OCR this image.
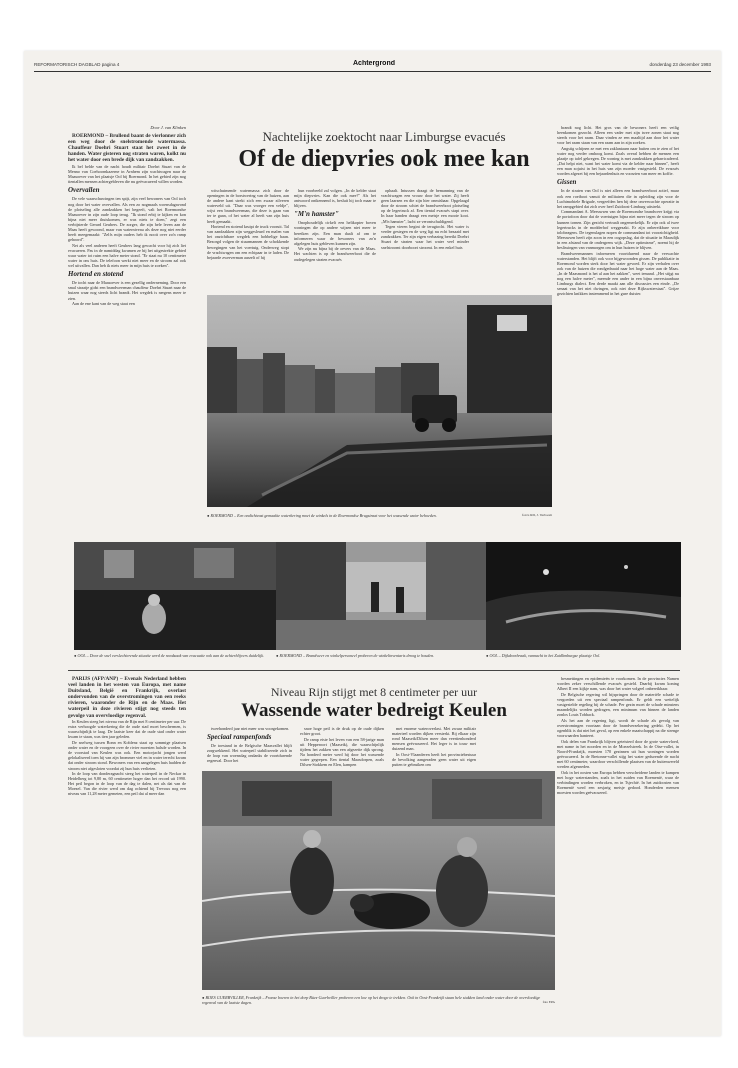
REFORMATORISCH DAGBLAD pagina 4	Achtergrond	donderdag 23 december 1993
Door J. van Klinken

ROERMOND – Brullend baant de vierlonner zich een weg door de snelstromende watermassa. Chauffeur Doehri Stuart staat het zweet in de handen. Water gisteren nog straten waren, kolkt nu het water door een brede dijk van zandzakken.

Ik bel belde van de nacht houdt militair Doehri Stuart van de Menno van Coehoornkazerne in Arnhem zijn wachtwagen naar de Maasoever van het plaatsje Ool bij Roermond. In het gebied zijn nog tientallen mensen achtergebleven die nu geëvacueerd willen worden.

Overvallen

De vele waarschuwingen ten spijt, zijn veel bewoners van Ool toch nog door het water overvallen. Als een zo nogmaals woensdagavond de plotseling alle zandzakken het begeeft, valt het Roermondse Maasoever in zijn oude loop terug. "Ik stond erbij te kijken en kon bijna niet meer thuiskomen, er was niets te doen," zegt een verbijsterde Gerard Geubers. De zorger, die zijn hele leven aan de Maas heeft gewoond, maar van waterniveau als deze nog niet eerder heeft meegemaakt: "Zelfs mijn ouders heb ik nooit over zo'n ramp gehoord".

Net als veel anderen heeft Geubers lang gewacht voor hij zich liet evacueren. Pas in de namiddag kwamen ze bij het uitgestrekte gebied waar water tot ruim een halve meter stond. "Er staat nu 10 centimeter water in ons huis. De telefoon werkt niet meer en de stroom zal ook wel uitvallen. Dan heb ik niets meer in mijn huis te zoeken".

Hortend en stotend

De tocht naar de Maasoever is een gezellig onderneming. Door een smal straatje gidst een brandweerman chauffeur Doehri Stuart naar de huizen waar nog steeds licht brandt. Het wegdek is nergens meer te zien.

Aan de ene kant van de weg staat een

Nachtelijke zoektocht naar Limburgse evacués
Of de diepvries ook mee kan

witschuimende watermassa zich door de openingen in de borstwering van de huizen, aan de andere kant strekt zich een zwaar zilveren waterveld uit. "Daar was vroeger een veldje", wijst een brandweerman, die deze is gaan van ter te gaan, of het water al heeft van zijn huis heeft gemaakt.

Hortend en stotend kruipt de truck vooruit. Tal van zandzakken zijn weggesleurd en malen van het onzichtbare wegdek een hobbelige baan. Bezorgd volgen de stuurmannen de schokkende bewegingen van het voertuig. Onderweg stopt de vrachtwagen om een echtpaar in te laden. De bejaarde zwerverman aarzelt of hij

hun voorbeeld zal volgen. „In de kelder staat mijn diepvries. Kan die ook mee?" Als het antwoord ontkennend is, besluit hij toch maar te blijven.

"M'n hamster"

Onophoudelijk cirkelt een helikopter boven woningen die op andere wijzen niet meer te bereiken zijn. Een man daalt af om te informeren waar de bewoners van zo'n afgelegen huis gebleven kunnen zijn.

We zijn nu bijna bij de oevers van de Maas. Het wachten is op de brandweerboot die de oudegelegen straten evacués

ophaalt. Intussen draagt de bemanning van de vrachtwagen een vrouw door het water. Zij heeft geen laarzen en die zijn hier onmisbaar. Opgelaagd door de stroom schiet de brandweerboot plotseling op de legertruck af. Een tiental evacués stapt over. In haar handen draagt een meisje een mooie kooi. „M'n hamster", lacht ze verontschuldigend.

Tegen vieren begint de terugtocht. Het water is verder gestegen en de weg ligt nu echt bezaaid met zandzakken. Ter zijn eigen verbazing bereikt Doehri Stuart de straten waar het water veel minder snelstroomt doorboort stroomt. In een enkel huis

brandt nog licht. Het gros van de bewoners heeft een veilig heenkomen gezocht. Alleen een vader met zijn twee zonen staat nog steeds voor het raam. Daar vinden ze een maaltijd aan door het water voor het raam staan van een raam aan in zijn zoeken.

Angstig schijnen ze met een zaklantaarn naar buiten om te zien of het water nog verder omhoog komt. Zoals overal hebben de mensen een plaatje op tafel gekregen. De woning is met zandzakken gebarricadeerd. „Dat helpt niet, want het water komt via de kelder naar binnen", heeft een man zojuist in het huis van zijn moeder vastgesteld. De evacués worden afgezet bij een bejaardenhuis en voorzien van meer en koffie.

Gissen

In de straten van Ool is niet alleen een brandweerboot actief, maar ook een roeiboot vanuit de militairen die in opleiding zijn voor de Luchtmobiele Brigade, vergeefden hen bij deze onverwachte operatie in het rampgebied dat zich over heel Zuidoost-Limburg uitstrekt.

Commandant A. Meeuwsen van de Roermondse brandweer krijgt via de portofoon door dat de voertuigen bijna niet meer tegen de stroom op kunnen tornen. Zijn gezicht vertraalt ongemerkelijk. Er zijn ook al twee legertrucks in de modderhof weggezakt. Er zijn onbereikbare voor tolobeagens. De tegenslagen nopen de commandant tot voorzichtigheid. Meeuwsen heeft zijn zoon in een oogopslag, dat de situatie in Maasdijk in een afstand van de ondergrens wijk. „Deze optimisme", noemt hij de beslissingen van vanmorgen om in hun huizen te blijven.

Brandweermannen informeren voortdurend naar de verwachte waterstanden. Het blijft ook voor bijgewoonden gissen. De publikatie in Roermond worden sterk door het water gevoed. Er zijn verhalen over ook van de huizen die rondgedraaid naar het hoge water aan de Maas. „In de Maasmond is het al aan het zakken", weet iemand. „Het stijgt nu nog een halve meter", meende een ander in een bijna onverstaanbaar Limburgs dialect. Een derde maakt aan alle discussies een einde. „De senaat van het niet dwingen, ook niet deze Rijkswaterstaat". Grijze gezichten knikken instemmend in het gure duister.

● ROERMOND – Een ondichtvast gemaakte waterkering moet de winkels in de Roermondse Brugstraat voor het wassende water behoeden.	foto's RD, J. Verboom
● OOL – Door de snel verslechterende situatie werd de noodzaak van evacuatie ook aan de achterblijvers duidelijk.	● ROERMOND – Brandweer en winkelpersoneel proberen de winkelinventaris droog te houden.	● OOL – Dijkdoorbraak, vannacht in het Zuidlimburgse plaatsje Ool.

PARIJS (AFP/ANP) – Evenals Nederland hebben veel landen in het westen van Europa, met name Duitsland, België en Frankrijk, overlast ondervonden van de overstromingen van een reeks rivieren, waaronder de Rijn en de Maas. Het waterpeil in deze rivieren stijgt nog steeds ten gevolge van overvloedige regenval.

In Keulen steeg het niveau van de Rijn met 8 centimeter per uur. De extra verhoogde waterkering die de oude stad moet beschermen, is waarschijnlijk te laag. De laatste keer dat de oude stad onder water kwam te staan, was tien jaar geleden.

De snelweg tussen Bonn en Koblenz staat op sommige plaatsen onder water en de voorgeen over de rivier moesten halsde worden. In de voorstad van Keulen was ook. Een motorjacht jongen werd gelokaliseerd toen hij van zijn brommer viel en in water terecht kwam dat onder stroom stond. Bewoners van een aangelegen huis hadden de stroom niet afgesloten voordat zij hun huis verlieten.

In de loop van donderagnacht steeg het waterpeil in de Neckar in Heidelberg tot 9,80 m, 60 centimeter hoger dan het record uit 1990. Het peil begon in de loop van de dag te dalen, net als dat van de Moezel. Van die rivier werd om dag ochtend bij Trevoux nog een niveau van 11,28 meter gemeten, een peil dat al meer dan

Niveau Rijn stijgt met 8 centimeter per uur
Wassende water bedreigt Keulen

tweehonderd jaar niet meer was voorgekomen.

Speciaal rampenfonds

De toestand in de Belgische Maasvallei blijft zorgwekkend. Het waterpeil stabiliseerde zich in de loop van woensdag ondanks de voortdurende regenval. Door het

snoe hoge peil is de druk op de oude dijken echter groot.

De ramp eiste het leven van een 58-jarige man uit Hepperoort (Maaseik), die waarschijnlijk tijdens het zakken van een afgezette dijk sprong. Na honderd meter werd hij door het wassende water gegrepen. Een tiental Maasdorpen, zoals Dilsen-Stokkem en Elen, kampen

met enorme wateroverlast. Met zwaar militair materieel worden dijken versterkt. Bij elkaar zijn rond Maaseik/Dilsen meer dan veertienhonderd mensen geëvacueerd. Het leger is in touw met duizend man.

In Oost-Vlaanderen heeft het provinciebestuur de bevolking aangeraden geen water uit eigen putten te gebruiken om

besmettingen en epidemieën te voorkomen. In de provincies Namen worden zeker verschillende evacués gesteld. Daarbij kwam koning Albert II een kijkje nam, was door het water volgeel onbereikbaar.

De Belgische regering wil bijspringen door de materiële schade te vergoeden uit een speciaal rampenfonds. Er geldt een wettelijk vastgestelde regeling bij de schade. Per gezin moet de schade minstens maandelijks worden gedragen, een minimum van binnen de landen zonlos Louis Tobback.

Als het aan de regering ligt, wordt de schade als gevolg van overstromingen voortaan door de brandverzekering gedekt. Op het ogenblik is dat niet het geval, op een enkele maatschappij na die strenge voorwaarden hanteert.

Ook delen van Frankrijk blijven geteisterd door de grote watervloed, met name in het noorden en in de Moezelstreek. In de Oise-vallei, in Noord-Frankrijk, moesten 170 gezinnen uit hun woningen worden geëvacueerd. In de Bretonne-vallei stijg het water gedurende de nacht met 60 centimeter, waardoor verschillende plaatsen van de buitenwereld werden afgesneden.

Ook in het oosten van Europa hebben verscheidene landen te kampen met hoge waterstanden, zoals in het zuiden van Roemenië, waar de verbindingen worden verbroken, en in Tsjechië. In het zuidoosten van Roemenië werd een zesjarig meisje gedood. Honderden mensen moesten worden geëvacueerd.

● BIJES GUERBVILLER, Frankrijk – Franse boeren in het dorp Bües-Guerbviller proberen een koe op het droge te trekken. Ook in Oost-Frankrijk staan hele stukken land onder water door de overvloedige regenval van de laatste dagen.	foto EPA
